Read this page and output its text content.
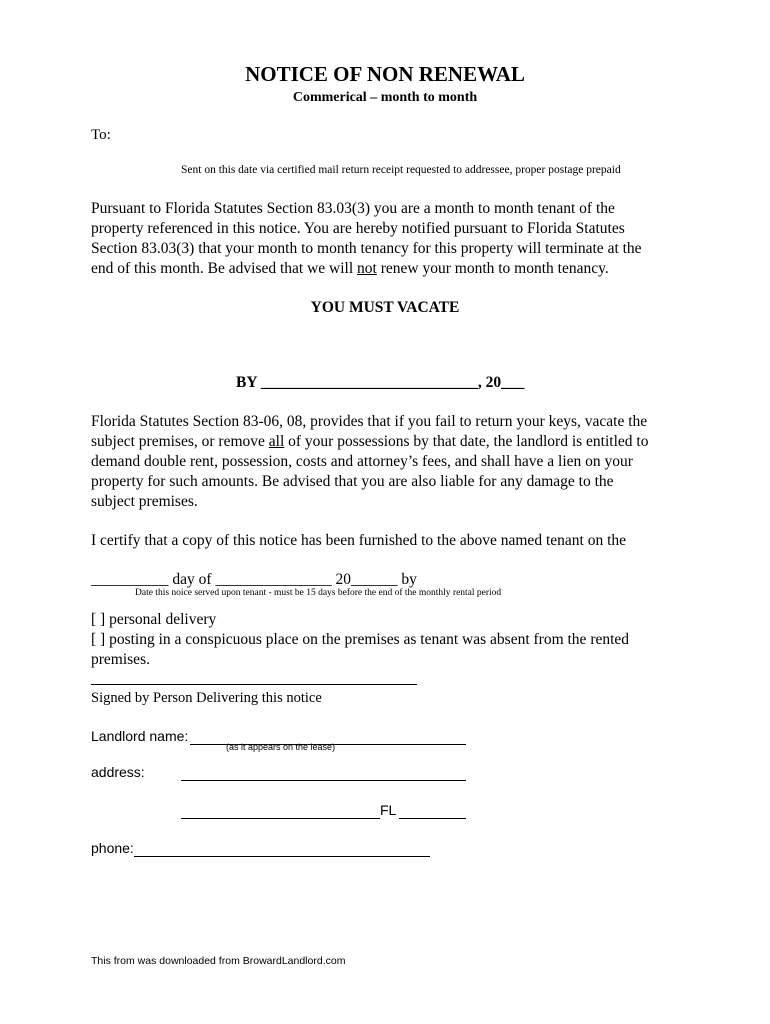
NOTICE OF NON RENEWAL
Commerical – month to month
To:
Sent on this date via certified mail return receipt requested to addressee, proper postage prepaid
Pursuant to Florida Statutes Section 83.03(3) you are a month to month tenant of the
property referenced in this notice. You are hereby notified pursuant to Florida Statutes
Section 83.03(3) that your month to month tenancy for this property will terminate at the
end of this month. Be advised that we will not renew your month to month tenancy.
YOU MUST VACATE
BY ____________________________, 20___
Florida Statutes Section 83-06, 08, provides that if you fail to return your keys, vacate the
subject premises, or remove all of your possessions by that date, the landlord is entitled to
demand double rent, possession, costs and attorney’s fees, and shall have a lien on your
property for such amounts. Be advised that you are also liable for any damage to the
subject premises.
I certify that a copy of this notice has been furnished to the above named tenant on the
__________ day of _______________ 20______ by
Date this noice served upon tenant - must be 15 days before the end of the monthly rental period
[ ] personal delivery
[ ] posting in a conspicuous place on the premises as tenant was absent from the rented
premises.
Signed by Person Delivering this notice
Landlord name:
(as it appears on the lease)
address:
FL
phone:
This from was downloaded from BrowardLandlord.com
